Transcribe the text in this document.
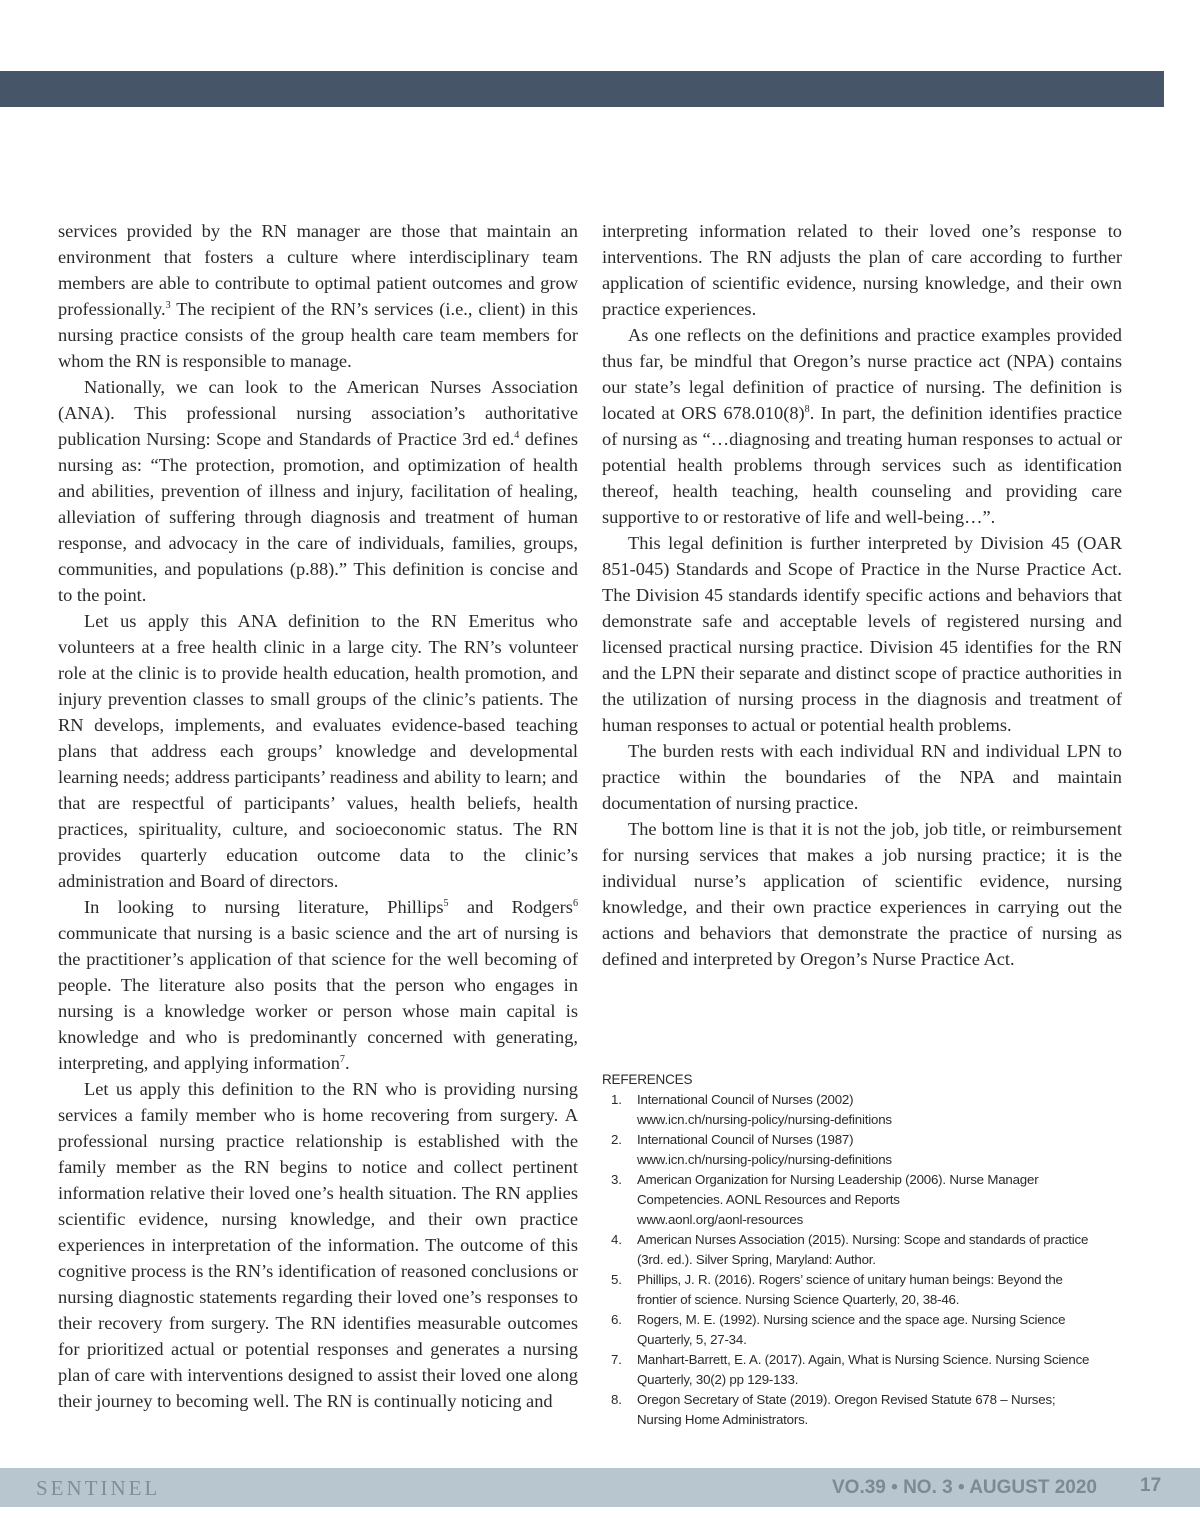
services provided by the RN manager are those that maintain an environment that fosters a culture where interdisciplinary team members are able to contribute to optimal patient outcomes and grow professionally.$^3$ The recipient of the RN’s services (i.e., client) in this nursing practice consists of the group health care team members for whom the RN is responsible to manage.

Nationally, we can look to the American Nurses Association (ANA). This professional nursing association’s authoritative publication Nursing: Scope and Standards of Practice 3rd ed.$^4$ defines nursing as: “The protection, promotion, and optimization of health and abilities, prevention of illness and injury, facilitation of healing, alleviation of suffering through diagnosis and treatment of human response, and advocacy in the care of individuals, families, groups, communities, and populations (p.88).” This definition is concise and to the point.

Let us apply this ANA definition to the RN Emeritus who volunteers at a free health clinic in a large city. The RN’s volunteer role at the clinic is to provide health education, health promotion, and injury prevention classes to small groups of the clinic’s patients. The RN develops, implements, and evaluates evidence-based teaching plans that address each groups’ knowledge and developmental learning needs; address participants’ readiness and ability to learn; and that are respectful of participants’ values, health beliefs, health practices, spirituality, culture, and socioeconomic status. The RN provides quarterly education outcome data to the clinic’s administration and Board of directors.

In looking to nursing literature, Phillips$^5$ and Rodgers$^6$ communicate that nursing is a basic science and the art of nursing is the practitioner’s application of that science for the well becoming of people. The literature also posits that the person who engages in nursing is a knowledge worker or person whose main capital is knowledge and who is predominantly concerned with generating, interpreting, and applying information$^7$.

Let us apply this definition to the RN who is providing nursing services a family member who is home recovering from surgery. A professional nursing practice relationship is established with the family member as the RN begins to notice and collect pertinent information relative their loved one’s health situation. The RN applies scientific evidence, nursing knowledge, and their own practice experiences in interpretation of the information. The outcome of this cognitive process is the RN’s identification of reasoned conclusions or nursing diagnostic statements regarding their loved one’s responses to their recovery from surgery. The RN identifies measurable outcomes for prioritized actual or potential responses and generates a nursing plan of care with interventions designed to assist their loved one along their journey to becoming well. The RN is continually noticing and

interpreting information related to their loved one’s response to interventions. The RN adjusts the plan of care according to further application of scientific evidence, nursing knowledge, and their own practice experiences.

As one reflects on the definitions and practice examples provided thus far, be mindful that Oregon’s nurse practice act (NPA) contains our state’s legal definition of practice of nursing. The definition is located at ORS $678.010(8)^8$. In part, the definition identifies practice of nursing as “…diagnosing and treating human responses to actual or potential health problems through services such as identification thereof, health teaching, health counseling and providing care supportive to or restorative of life and well-being…”.

This legal definition is further interpreted by Division 45 (OAR 851-045) Standards and Scope of Practice in the Nurse Practice Act. The Division 45 standards identify specific actions and behaviors that demonstrate safe and acceptable levels of registered nursing and licensed practical nursing practice. Division 45 identifies for the RN and the LPN their separate and distinct scope of practice authorities in the utilization of nursing process in the diagnosis and treatment of human responses to actual or potential health problems.

The burden rests with each individual RN and individual LPN to practice within the boundaries of the NPA and maintain documentation of nursing practice.

The bottom line is that it is not the job, job title, or reimbursement for nursing services that makes a job nursing practice; it is the individual nurse’s application of scientific evidence, nursing knowledge, and their own practice experiences in carrying out the actions and behaviors that demonstrate the practice of nursing as defined and interpreted by Oregon’s Nurse Practice Act.

REFERENCES
1. International Council of Nurses (2002)
www.icn.ch/nursing-policy/nursing-definitions
2. International Council of Nurses (1987)
www.icn.ch/nursing-policy/nursing-definitions
3. American Organization for Nursing Leadership (2006). Nurse Manager
Competencies. AONL Resources and Reports
www.aonl.org/aonl-resources
4. American Nurses Association (2015). Nursing: Scope and standards of practice
(3rd. ed.). Silver Spring, Maryland: Author.
5. Phillips, J. R. (2016). Rogers’ science of unitary human beings: Beyond the
frontier of science. Nursing Science Quarterly, 20, 38-46.
6. Rogers, M. E. (1992). Nursing science and the space age. Nursing Science
Quarterly, 5, 27-34.
7. Manhart-Barrett, E. A. (2017). Again, What is Nursing Science. Nursing Science
Quarterly, 30(2) pp 129-133.
8. Oregon Secretary of State (2019). Oregon Revised Statute 678 – Nurses;
Nursing Home Administrators.
SENTINEL	VO.39 • NO. 3 • AUGUST 2020 17
